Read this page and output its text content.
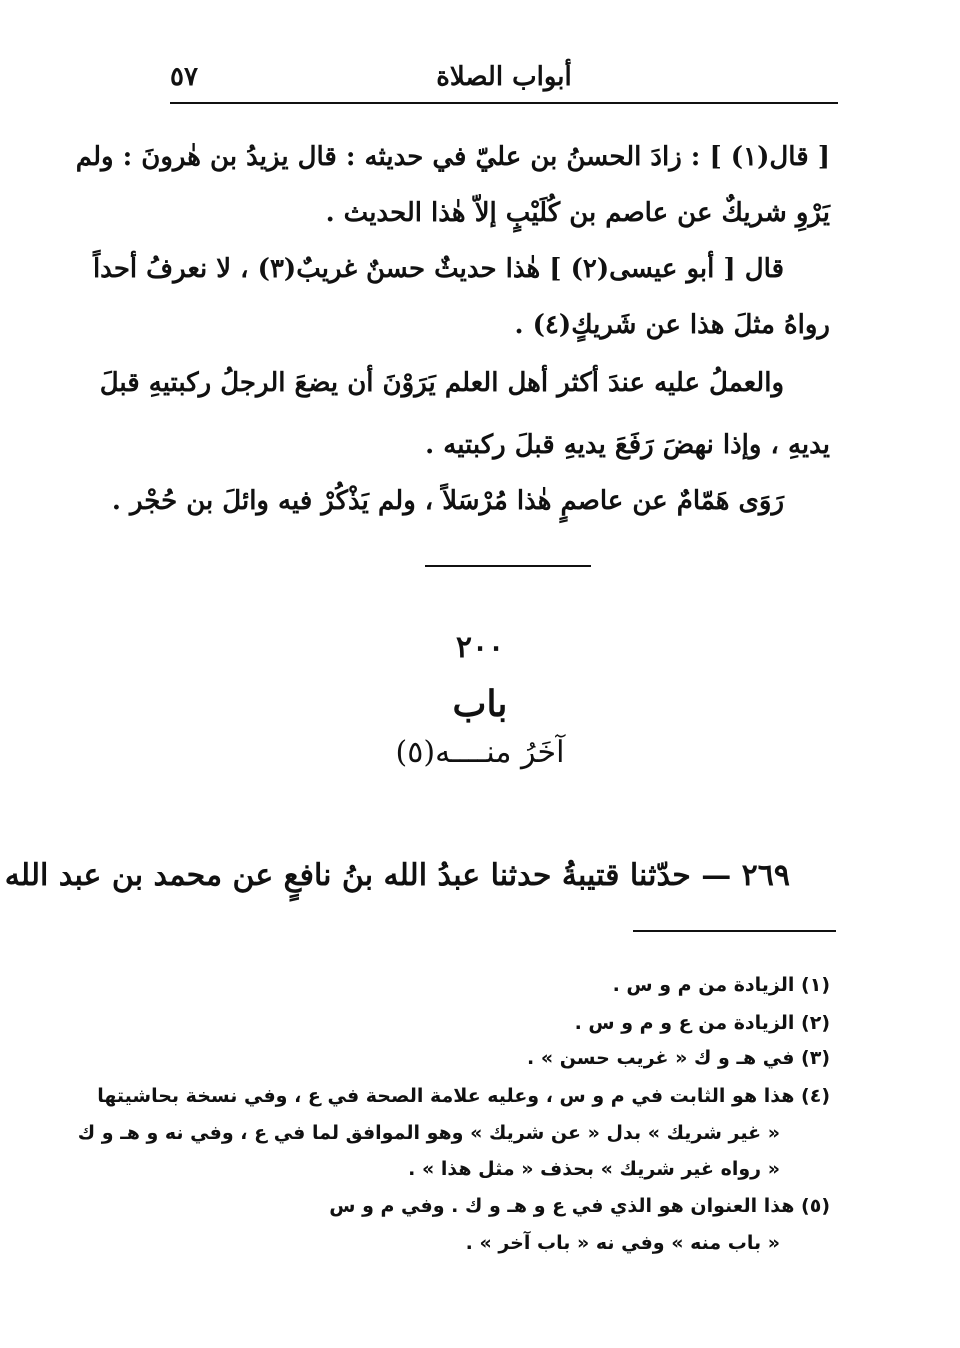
أبواب الصلاة
٥٧
[ قال(١) ] : زادَ الحسنُ بن عليّ في حديثه : قال يزيدُ بن هٰرونَ : ولم
يَرْوِ شريكٌ عن عاصم بن كُلَيْبٍ إلاّ هٰذا الحديث .
قال [ أبو عيسى(٢) ] هٰذا حديثٌ حسنٌ غريبٌ(٣) ، لا نعرفُ أحداً
رواهُ مثلَ هذا عن شَريكٍ(٤) .
والعملُ عليه عندَ أكثر أهل العلم يَرَوْنَ أن يضعَ الرجلُ ركبتيهِ قبلَ
يديهِ ، وإذا نهضَ رَفَعَ يديهِ قبلَ ركبتيه .
رَوَى هَمّامٌ عن عاصمٍ هٰذا مُرْسَلاً ، ولم يَذْكُرْ فيه وائلَ بن حُجْر .
٢٠٠
باب
آخَرُ منــــه(٥)
٢٦٩ — حدّثنا قتيبةُ حدثنا عبدُ الله بنُ نافعٍ عن محمد بن عبد الله
(١) الزيادة من م و س .
(٢) الزيادة من ع و م و س .
(٣) في هـ و ك « غريب حسن » .
(٤) هذا هو الثابت في م و س ، وعليه علامة الصحة في ع ، وفي نسخة بحاشيتها
« غير شريك » بدل « عن شريك » وهو الموافق لما في ع ، وفي نه و هـ و ك
« رواه غير شريك » بحذف « مثل هذا » .
(٥) هذا العنوان هو الذي في ع و هـ و ك . وفي م و س
« باب منه » وفي نه « باب آخر » .
